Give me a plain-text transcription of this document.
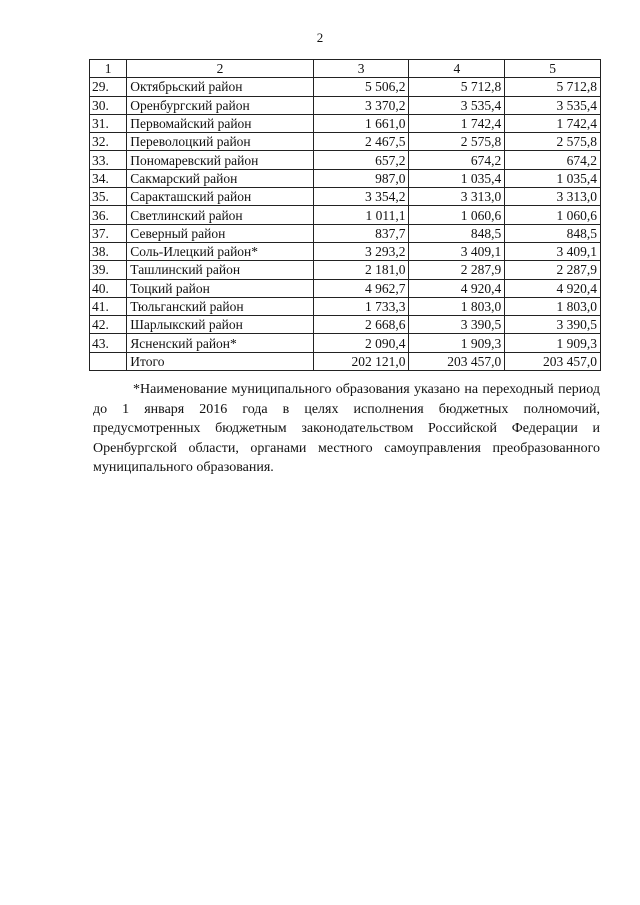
2
1	2	3	4	5
29.	Октябрьский район	5 506,2	5 712,8	5 712,8
30.	Оренбургский район	3 370,2	3 535,4	3 535,4
31.	Первомайский район	1 661,0	1 742,4	1 742,4
32.	Переволоцкий район	2 467,5	2 575,8	2 575,8
33.	Пономаревский район	657,2	674,2	674,2
34.	Сакмарский район	987,0	1 035,4	1 035,4
35.	Саракташский район	3 354,2	3 313,0	3 313,0
36.	Светлинский район	1 011,1	1 060,6	1 060,6
37.	Северный район	837,7	848,5	848,5
38.	Соль-Илецкий район*	3 293,2	3 409,1	3 409,1
39.	Ташлинский район	2 181,0	2 287,9	2 287,9
40.	Тоцкий район	4 962,7	4 920,4	4 920,4
41.	Тюльганский район	1 733,3	1 803,0	1 803,0
42.	Шарлыкский район	2 668,6	3 390,5	3 390,5
43.	Ясненский район*	2 090,4	1 909,3	1 909,3
	Итого	202 121,0	203 457,0	203 457,0

*Наименование муниципального образования указано на переходный период до 1 января 2016 года в целях исполнения бюджетных полномочий, предусмотренных бюджетным законодательством Российской Федерации и Оренбургской области, органами местного самоуправления преобразованного муниципального образования.
